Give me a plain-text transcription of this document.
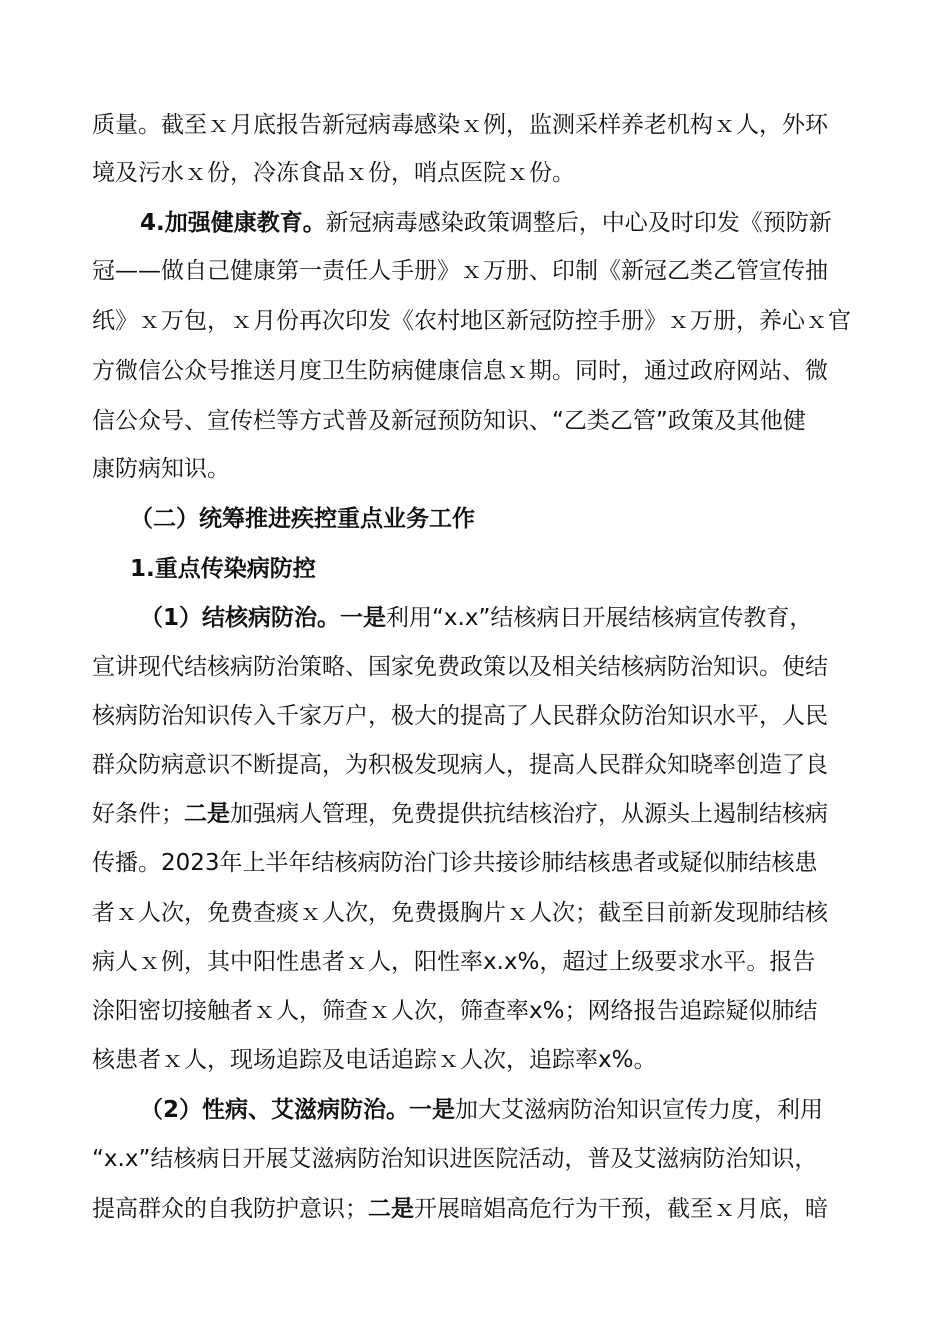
质量。截至ｘ月底报告新冠病毒感染ｘ例，监测采样养老机构ｘ人，外环
境及污水ｘ份，冷冻食品ｘ份，哨点医院ｘ份。
4.加强健康教育。新冠病毒感染政策调整后，中心及时印发《预防新
冠——做自己健康第一责任人手册》ｘ万册、印制《新冠乙类乙管宣传抽
纸》ｘ万包，ｘ月份再次印发《农村地区新冠防控手册》ｘ万册，养心ｘ官
方微信公众号推送月度卫生防病健康信息ｘ期。同时，通过政府网站、微
信公众号、宣传栏等方式普及新冠预防知识、“乙类乙管”政策及其他健
康防病知识。
（二）统筹推进疾控重点业务工作
1.重点传染病防控
（1）结核病防治。一是利用“x.x”结核病日开展结核病宣传教育，
宣讲现代结核病防治策略、国家免费政策以及相关结核病防治知识。使结
核病防治知识传入千家万户，极大的提高了人民群众防治知识水平，人民
群众防病意识不断提高，为积极发现病人，提高人民群众知晓率创造了良
好条件；二是加强病人管理，免费提供抗结核治疗，从源头上遏制结核病
传播。2023年上半年结核病防治门诊共接诊肺结核患者或疑似肺结核患
者ｘ人次，免费查痰ｘ人次，免费摄胸片ｘ人次；截至目前新发现肺结核
病人ｘ例，其中阳性患者ｘ人，阳性率x.x%，超过上级要求水平。报告
涂阳密切接触者ｘ人，筛查ｘ人次，筛查率x%；网络报告追踪疑似肺结
核患者ｘ人，现场追踪及电话追踪ｘ人次，追踪率x%。
（2）性病、艾滋病防治。一是加大艾滋病防治知识宣传力度，利用
“x.x”结核病日开展艾滋病防治知识进医院活动，普及艾滋病防治知识，
提高群众的自我防护意识；二是开展暗娼高危行为干预，截至ｘ月底，暗
